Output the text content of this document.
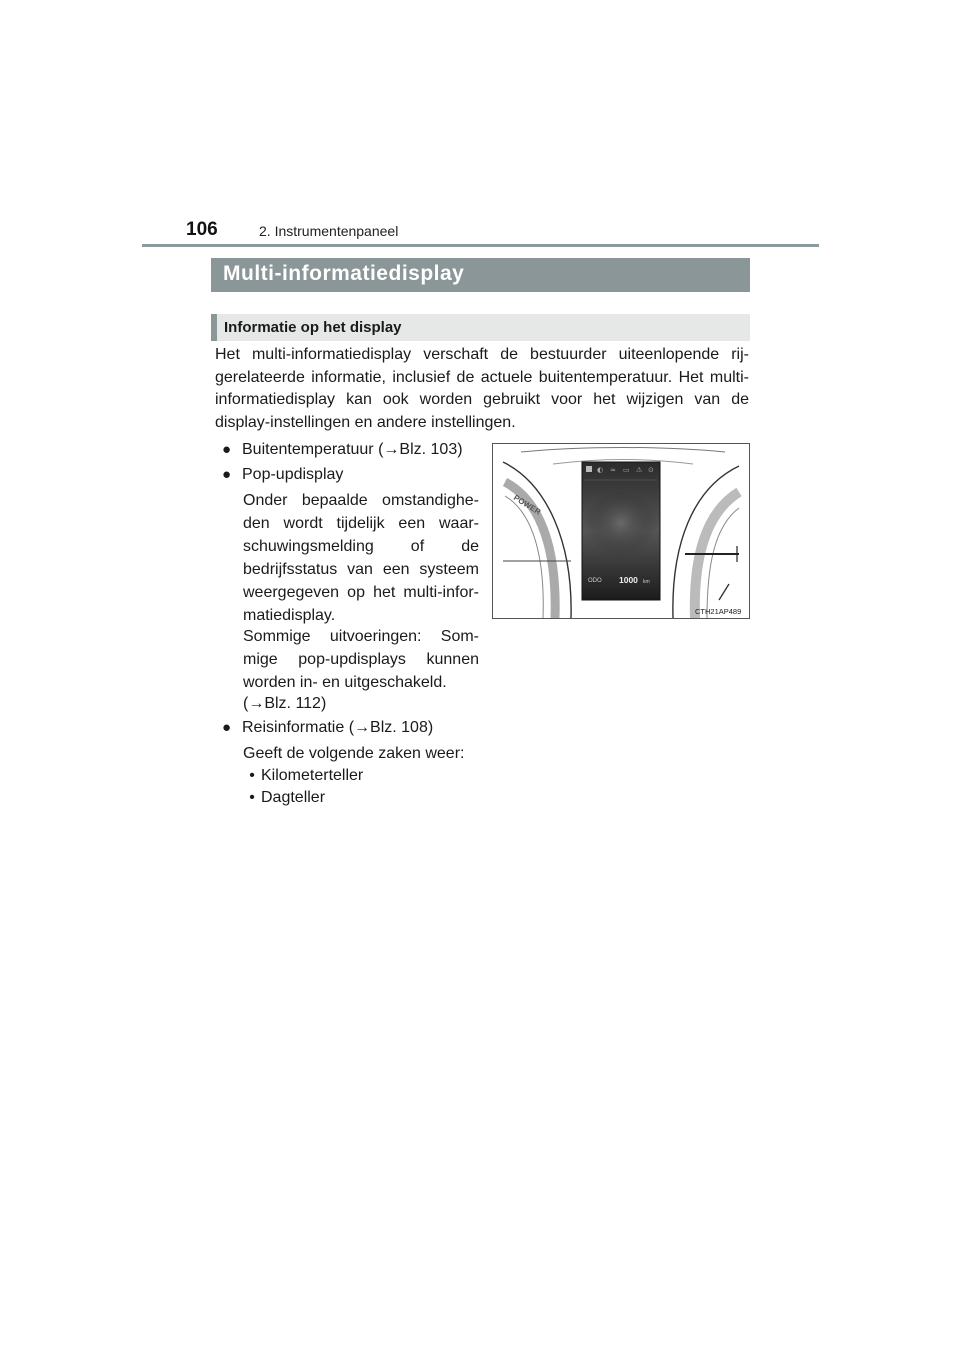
106	2. Instrumentenpaneel
Multi-informatiedisplay
Informatie op het display

Het multi-informatiedisplay verschaft de bestuurder uiteenlopende rij-gerelateerde informatie, inclusief de actuele buitentemperatuur. Het multi-informatiedisplay kan ook worden gebruikt voor het wijzigen van de display-instellingen en andere instellingen.

● Buitentemperatuur (→Blz. 103)
● Pop-updisplay

Onder bepaalde omstandighe-den wordt tijdelijk een waar-schuwingsmelding of de bedrijfsstatus van een systeem weergegeven op het multi-infor-matiedisplay.

Sommige uitvoeringen: Som-mige pop-updisplays kunnen worden in- en uitgeschakeld.

(→Blz. 112)
● Reisinformatie (→Blz. 108)
Geeft de volgende zaken weer:
• Kilometerteller
• Dagteller
POWER
◐ ≈ ▭ ⚠ ⊙
ODO 1000 km
CTH21AP489
